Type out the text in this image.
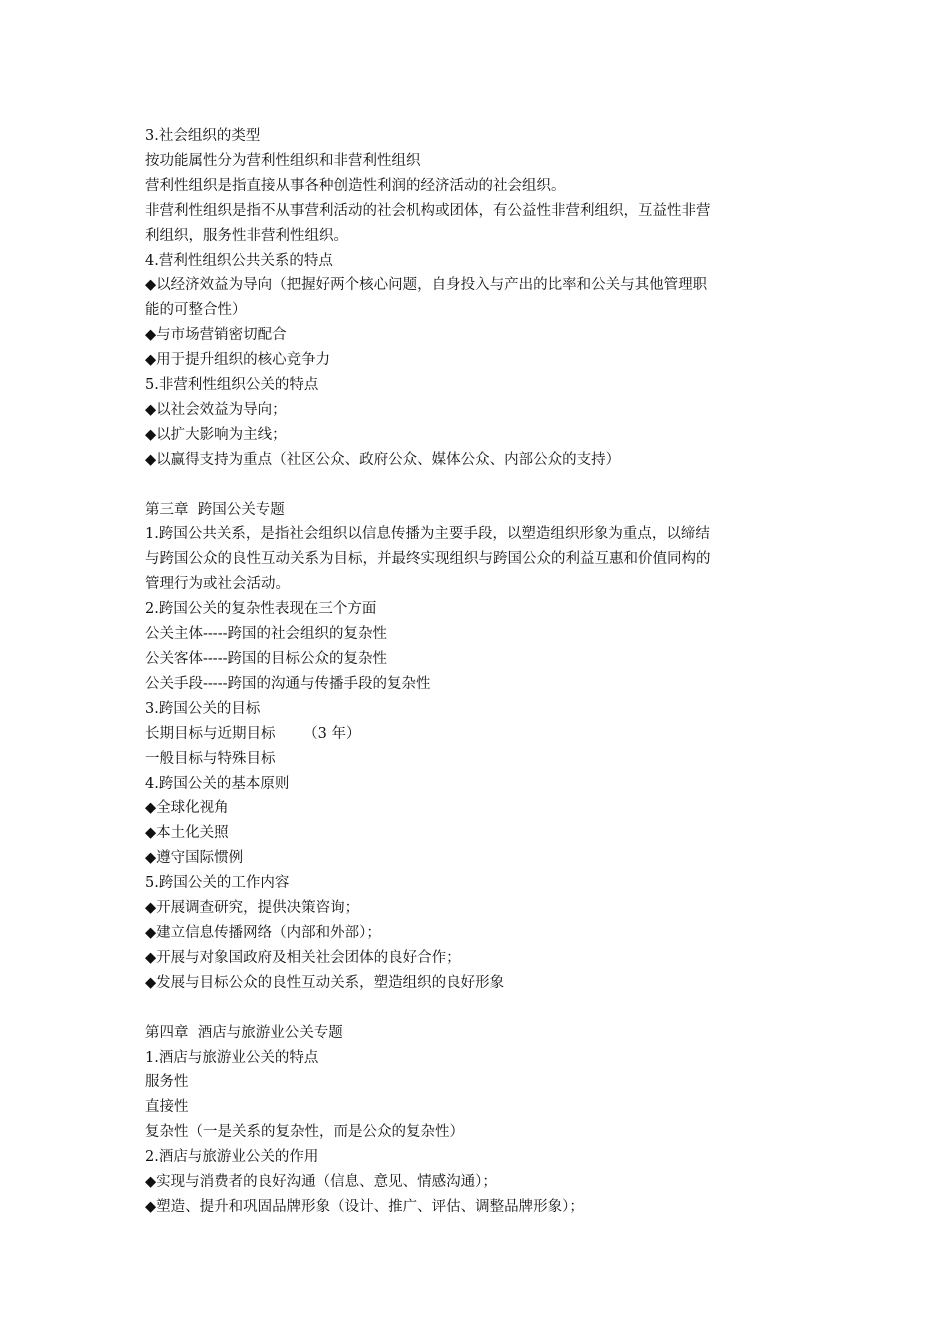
3.社会组织的类型
按功能属性分为营利性组织和非营利性组织
营利性组织是指直接从事各种创造性利润的经济活动的社会组织。
非营利性组织是指不从事营利活动的社会机构或团体，有公益性非营利组织，互益性非营
利组织，服务性非营利性组织。
4.营利性组织公共关系的特点
◆以经济效益为导向（把握好两个核心问题，自身投入与产出的比率和公关与其他管理职
能的可整合性）
◆与市场营销密切配合
◆用于提升组织的核心竞争力
5.非营利性组织公关的特点
◆以社会效益为导向；
◆以扩大影响为主线；
◆以赢得支持为重点（社区公众、政府公众、媒体公众、内部公众的支持）
第三章  跨国公关专题
1.跨国公共关系，是指社会组织以信息传播为主要手段，以塑造组织形象为重点，以缔结
与跨国公众的良性互动关系为目标，并最终实现组织与跨国公众的利益互惠和价值同构的
管理行为或社会活动。
2.跨国公关的复杂性表现在三个方面
公关主体-----跨国的社会组织的复杂性
公关客体-----跨国的目标公众的复杂性
公关手段-----跨国的沟通与传播手段的复杂性
3.跨国公关的目标
长期目标与近期目标      （3 年）
一般目标与特殊目标
4.跨国公关的基本原则
◆全球化视角
◆本土化关照
◆遵守国际惯例
5.跨国公关的工作内容
◆开展调查研究，提供决策咨询；
◆建立信息传播网络（内部和外部）；
◆开展与对象国政府及相关社会团体的良好合作；
◆发展与目标公众的良性互动关系，塑造组织的良好形象
第四章  酒店与旅游业公关专题
1.酒店与旅游业公关的特点
服务性
直接性
复杂性（一是关系的复杂性，而是公众的复杂性）
2.酒店与旅游业公关的作用
◆实现与消费者的良好沟通（信息、意见、情感沟通）；
◆塑造、提升和巩固品牌形象（设计、推广、评估、调整品牌形象）；
